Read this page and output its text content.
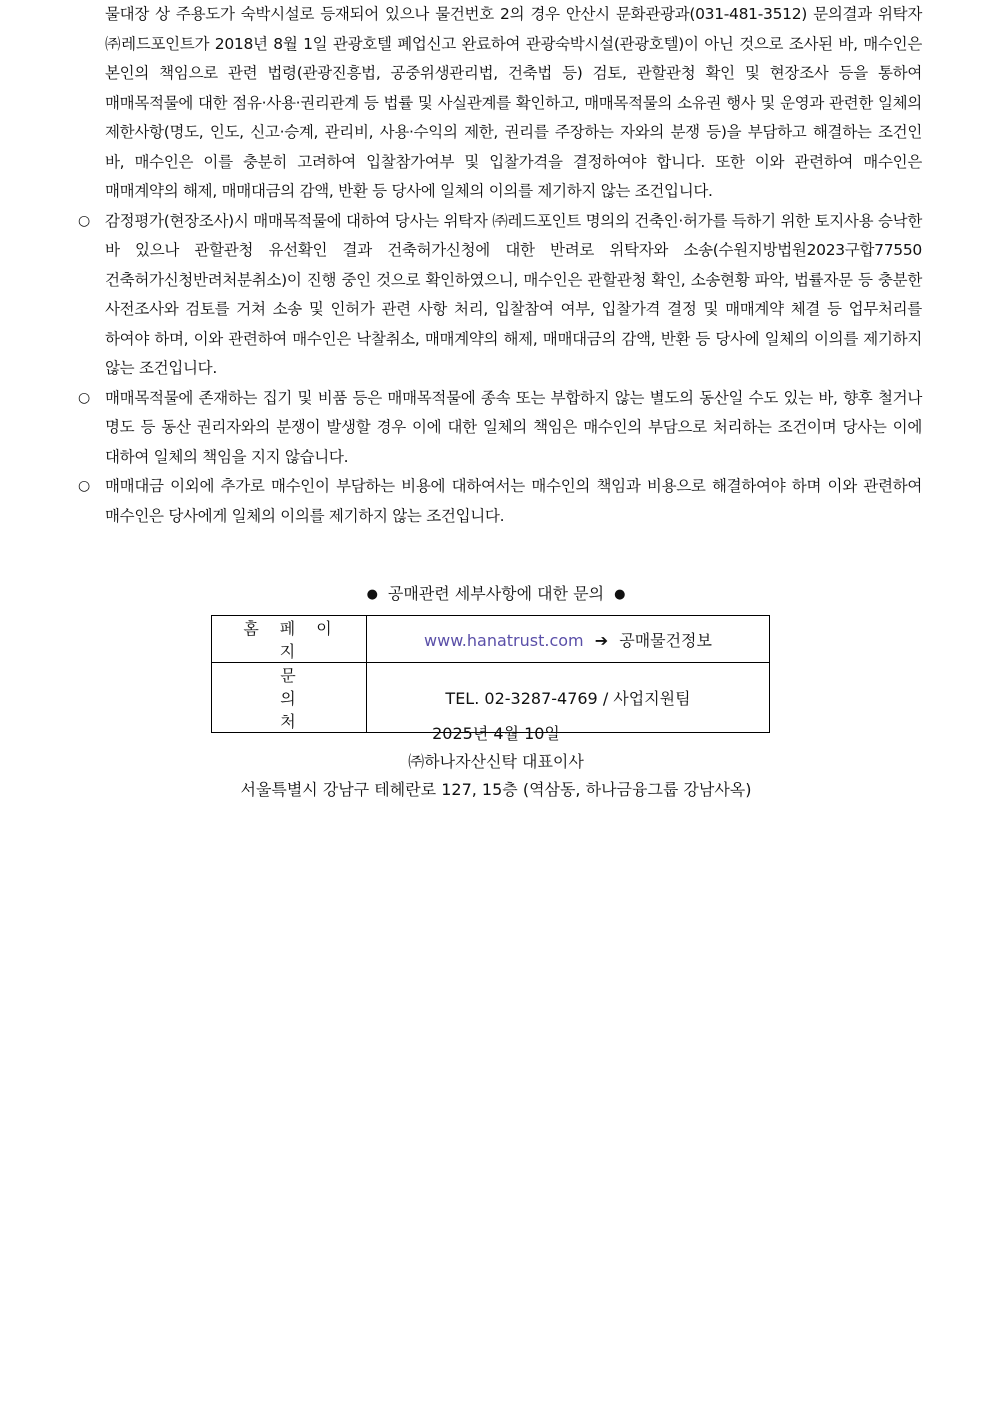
물대장 상 주용도가 숙박시설로 등재되어 있으나 물건번호 2의 경우 안산시 문화관광과(031-481-3512) 문의결과 위탁자 ㈜레드포인트가 2018년 8월 1일 관광호텔 폐업신고 완료하여 관광숙박시설(관광호텔)이 아닌 것으로 조사된 바, 매수인은 본인의 책임으로 관련 법령(관광진흥법, 공중위생관리법, 건축법 등) 검토, 관할관청 확인 및 현장조사 등을 통하여 매매목적물에 대한 점유·사용·권리관계 등 법률 및 사실관계를 확인하고, 매매목적물의 소유권 행사 및 운영과 관련한 일체의 제한사항(명도, 인도, 신고·승계, 관리비, 사용·수익의 제한, 권리를 주장하는 자와의 분쟁 등)을 부담하고 해결하는 조건인 바, 매수인은 이를 충분히 고려하여 입찰참가여부 및 입찰가격을 결정하여야 합니다. 또한 이와 관련하여 매수인은 매매계약의 해제, 매매대금의 감액, 반환 등 당사에 일체의 이의를 제기하지 않는 조건입니다.

○ 감정평가(현장조사)시 매매목적물에 대하여 당사는 위탁자 ㈜레드포인트 명의의 건축인·허가를 득하기 위한 토지사용 승낙한 바 있으나 관할관청 유선확인 결과 건축허가신청에 대한 반려로 위탁자와 소송(수원지방법원2023구합77550 건축허가신청반려처분취소)이 진행 중인 것으로 확인하였으니, 매수인은 관할관청 확인, 소송현황 파악, 법률자문 등 충분한 사전조사와 검토를 거쳐 소송 및 인허가 관련 사항 처리, 입찰참여 여부, 입찰가격 결정 및 매매계약 체결 등 업무처리를 하여야 하며, 이와 관련하여 매수인은 낙찰취소, 매매계약의 해제, 매매대금의 감액, 반환 등 당사에 일체의 이의를 제기하지 않는 조건입니다.

○ 매매목적물에 존재하는 집기 및 비품 등은 매매목적물에 종속 또는 부합하지 않는 별도의 동산일 수도 있는 바, 향후 철거나 명도 등 동산 권리자와의 분쟁이 발생할 경우 이에 대한 일체의 책임은 매수인의 부담으로 처리하는 조건이며 당사는 이에 대하여 일체의 책임을 지지 않습니다.

○ 매매대금 이외에 추가로 매수인이 부담하는 비용에 대하여서는 매수인의 책임과 비용으로 해결하여야 하며 이와 관련하여 매수인은 당사에게 일체의 이의를 제기하지 않는 조건입니다.

● 공매관련 세부사항에 대한 문의 ●
홈페이지	www.hanatrust.com ➔ 공매물건정보
문의처	TEL. 02-3287-4769 / 사업지원팀
2025년 4월 10일
㈜하나자산신탁 대표이사
서울특별시 강남구 테헤란로 127, 15층 (역삼동, 하나금융그룹 강남사옥)
